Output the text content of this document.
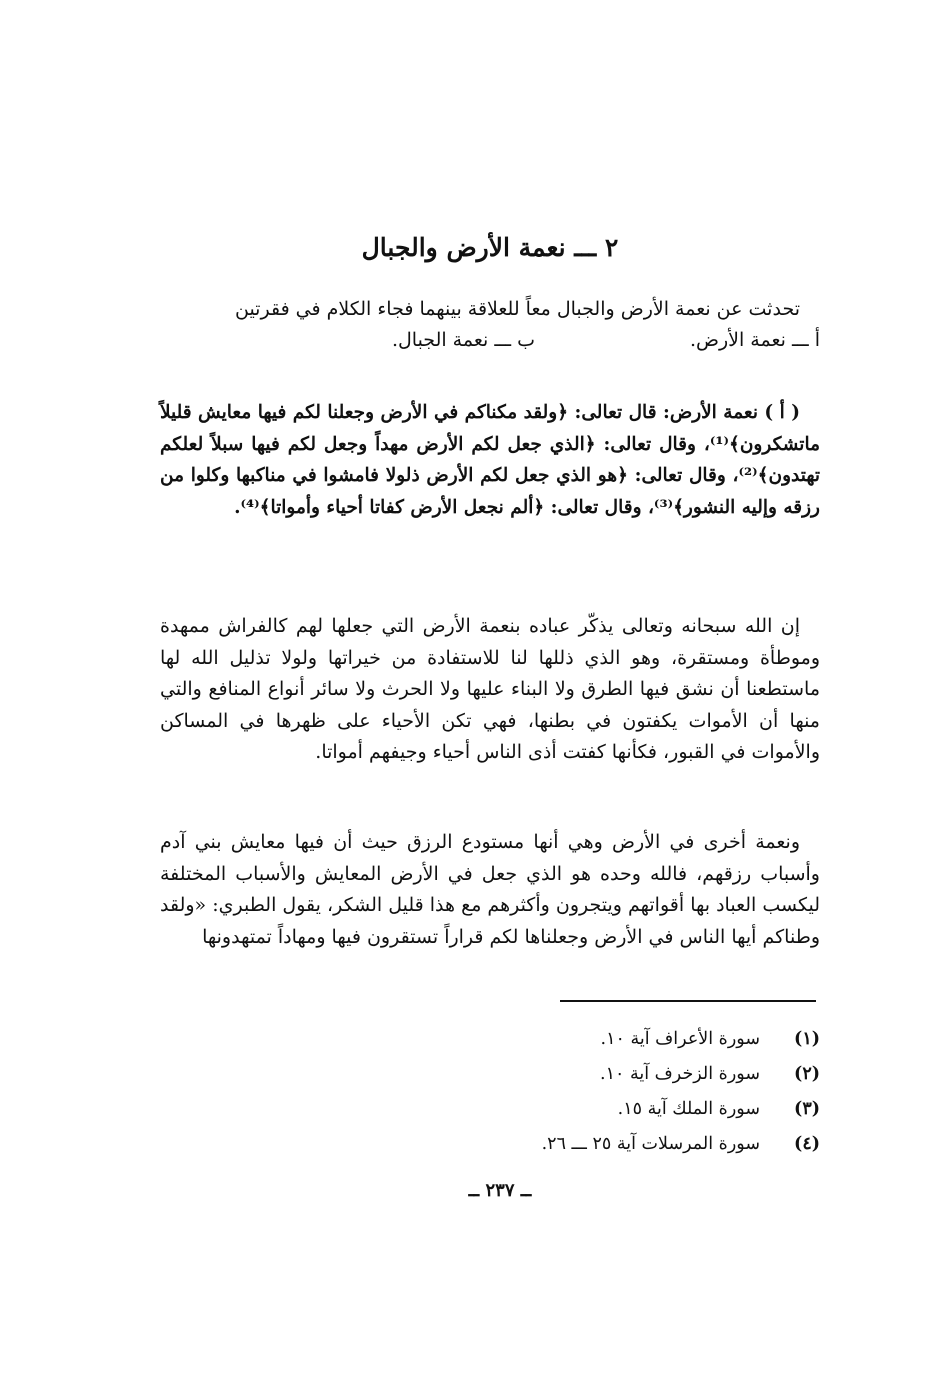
٢ ـــ نعمة الأرض والجبال

تحدثت عن نعمة الأرض والجبال معاً للعلاقة بينهما فجاء الكلام في فقرتين

أ ـــ نعمة الأرض.
ب ـــ نعمة الجبال.

( أ ) نعمة الأرض: قال تعالى: ﴿ولقد مكناكم في الأرض وجعلنا لكم فيها معايش قليلاً ماتشكرون﴾⁽¹⁾، وقال تعالى: ﴿الذي جعل لكم الأرض مهداً وجعل لكم فيها سبلاً لعلكم تهتدون﴾⁽²⁾، وقال تعالى: ﴿هو الذي جعل لكم الأرض ذلولا فامشوا في مناكبها وكلوا من رزقه وإليه النشور﴾⁽³⁾، وقال تعالى: ﴿ألم نجعل الأرض كفاتا أحياء وأمواتا﴾⁽⁴⁾.

إن الله سبحانه وتعالى يذكّر عباده بنعمة الأرض التي جعلها لهم كالفراش ممهدة وموطأة ومستقرة، وهو الذي ذللها لنا للاستفادة من خيراتها ولولا تذليل الله لها ماستطعنا أن نشق فيها الطرق ولا البناء عليها ولا الحرث ولا سائر أنواع المنافع والتي منها أن الأموات يكفتون في بطنها، فهي تكن الأحياء على ظهرها في المساكن والأموات في القبور، فكأنها كفتت أذى الناس أحياء وجيفهم أمواتا.

ونعمة أخرى في الأرض وهي أنها مستودع الرزق حيث أن فيها معايش بني آدم وأسباب رزقهم، فالله وحده هو الذي جعل في الأرض المعايش والأسباب المختلفة ليكسب العباد بها أقواتهم ويتجرون وأكثرهم مع هذا قليل الشكر، يقول الطبري: «ولقد وطناكم أيها الناس في الأرض وجعلناها لكم قراراً تستقرون فيها ومهاداً تمتهدونها

(١)
سورة الأعراف آية ١٠.
(٢)
سورة الزخرف آية ١٠.
(٣)
سورة الملك آية ١٥.
(٤)
سورة المرسلات آية ٢٥ ـــ ٢٦.
ــ ٢٣٧ ــ
